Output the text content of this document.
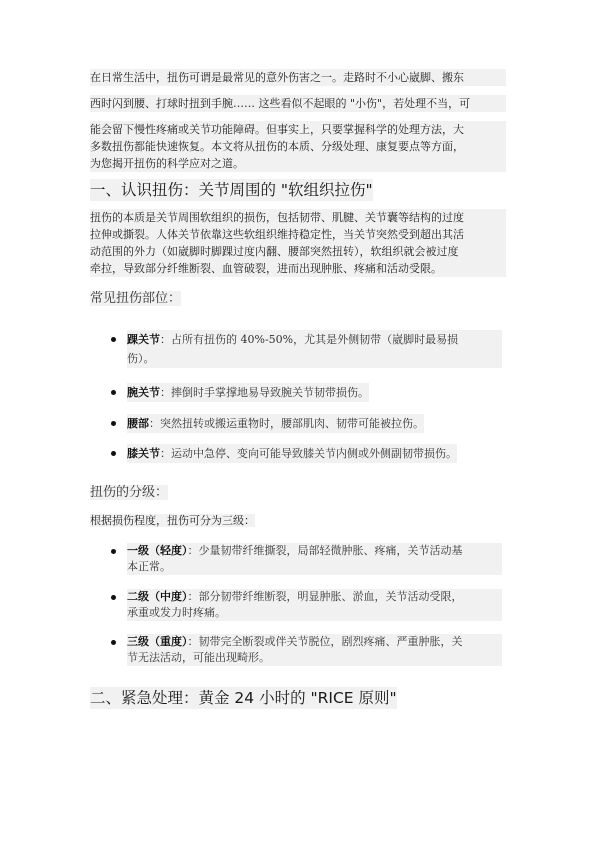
在日常生活中，扭伤可谓是最常见的意外伤害之一。走路时不小心崴脚、搬东
西时闪到腰、打球时扭到手腕…… 这些看似不起眼的 "小伤"，若处理不当，可
能会留下慢性疼痛或关节功能障碍。但事实上，只要掌握科学的处理方法，大
多数扭伤都能快速恢复。本文将从扭伤的本质、分级处理、康复要点等方面，
为您揭开扭伤的科学应对之道。
一、认识扭伤：关节周围的 "软组织拉伤"
扭伤的本质是关节周围软组织的损伤，包括韧带、肌腱、关节囊等结构的过度
拉伸或撕裂。人体关节依靠这些软组织维持稳定性，当关节突然受到超出其活
动范围的外力（如崴脚时脚踝过度内翻、腰部突然扭转），软组织就会被过度
牵拉，导致部分纤维断裂、血管破裂，进而出现肿胀、疼痛和活动受限。
常见扭伤部位：
踝关节：占所有扭伤的 40%-50%，尤其是外侧韧带（崴脚时最易损
伤）。
腕关节：摔倒时手掌撑地易导致腕关节韧带损伤。
腰部：突然扭转或搬运重物时，腰部肌肉、韧带可能被拉伤。
膝关节：运动中急停、变向可能导致膝关节内侧或外侧副韧带损伤。
扭伤的分级：
根据损伤程度，扭伤可分为三级：
一级（轻度）：少量韧带纤维撕裂，局部轻微肿胀、疼痛，关节活动基
本正常。
二级（中度）：部分韧带纤维断裂，明显肿胀、淤血，关节活动受限，
承重或发力时疼痛。
三级（重度）：韧带完全断裂或伴关节脱位，剧烈疼痛、严重肿胀，关
节无法活动，可能出现畸形。
二、紧急处理：黄金 24 小时的 "RICE 原则"
